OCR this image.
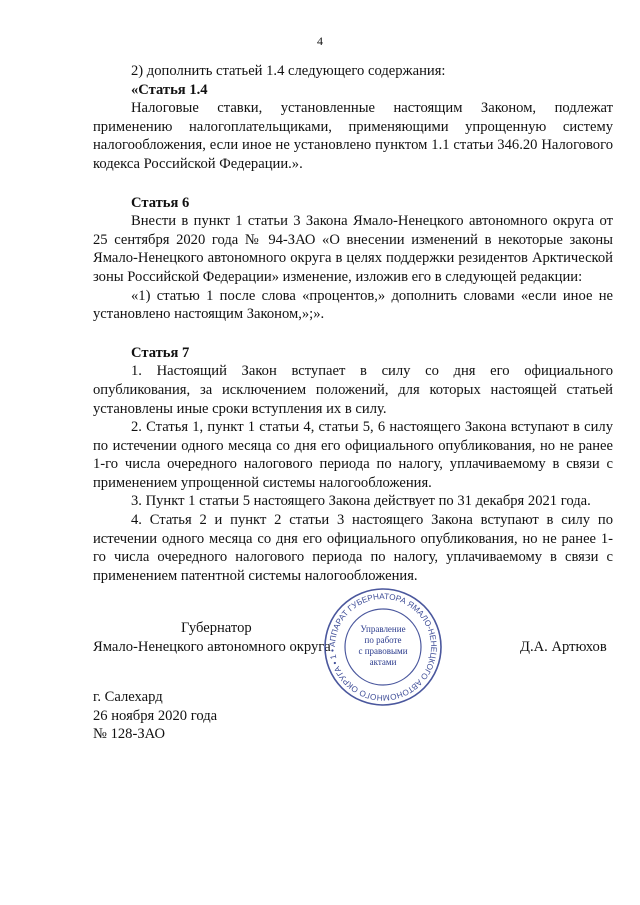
4

2) дополнить статьей 1.4 следующего содержания:

«Статья 1.4

Налоговые ставки, установленные настоящим Законом, подлежат применению налогоплательщиками, применяющими упрощенную систему налогообложения, если иное не установлено пунктом 1.1 статьи 346.20 Налогового кодекса Российской Федерации.».

Статья 6

Внести в пункт 1 статьи 3 Закона Ямало-Ненецкого автономного округа от 25 сентября 2020 года № 94-ЗАО «О внесении изменений в некоторые законы Ямало-Ненецкого автономного округа в целях поддержки резидентов Арктической зоны Российской Федерации» изменение, изложив его в следующей редакции:

«1) статью 1 после слова «процентов,» дополнить словами «если иное не установлено настоящим Законом,»;».

Статья 7

1. Настоящий Закон вступает в силу со дня его официального опубликования, за исключением положений, для которых настоящей статьей установлены иные сроки вступления их в силу.

2. Статья 1, пункт 1 статьи 4, статьи 5, 6 настоящего Закона вступают в силу по истечении одного месяца со дня его официального опубликования, но не ранее 1-го числа очередного налогового периода по налогу, уплачиваемому в связи с применением упрощенной системы налогообложения.

3. Пункт 1 статьи 5 настоящего Закона действует по 31 декабря 2021 года.

4. Статья 2 и пункт 2 статьи 3 настоящего Закона вступают в силу по истечении одного месяца со дня его официального опубликования, но не ранее 1-го числа очередного налогового периода по налогу, уплачиваемому в связи с применением патентной системы налогообложения.

Губернатор
Ямало-Ненецкого автономного округа	Д.А. Артюхов
АППАРАТ ГУБЕРНАТОРА ЯМАЛО-НЕНЕЦКОГО АВТОНОМНОГО ОКРУГА • 1 •
Управление
по работе
с правовыми
актами

г. Салехард

26 ноября 2020 года

№ 128-ЗАО
